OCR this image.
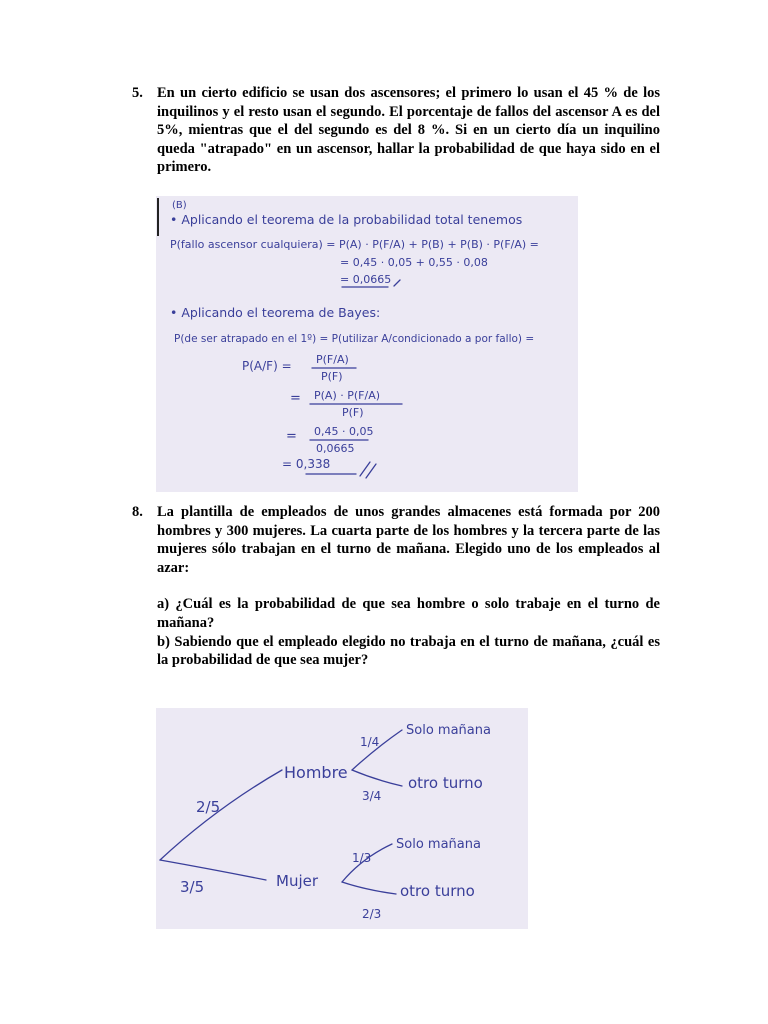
5. En un cierto edificio se usan dos ascensores; el primero lo usan el 45 % de los inquilinos y el resto usan el segundo. El porcentaje de fallos del ascensor A es del 5%, mientras que el del segundo es del 8 %. Si en un cierto día un inquilino queda "atrapado" en un ascensor, hallar la probabilidad de que haya sido en el primero.
(B)
• Aplicando el teorema de la probabilidad total tenemos
P(fallo ascensor cualquiera) = P(A) · P(F/A) + P(B) + P(B) · P(F/A) =
= 0,45 · 0,05 + 0,55 · 0,08
= 0,0665
• Aplicando el teorema de Bayes:
P(de ser atrapado en el 1º) = P(utilizar A/condicionado a por fallo) =
P(A/F) = P(F/A)
P(F)
= P(A) · P(F/A)
P(F)
= 0,45 · 0,05
0,0665
= 0,338
8. La plantilla de empleados de unos grandes almacenes está formada por 200 hombres y 300 mujeres. La cuarta parte de los hombres y la tercera parte de las mujeres sólo trabajan en el turno de mañana. Elegido uno de los empleados al azar:

a) ¿Cuál es la probabilidad de que sea hombre o solo trabaje en el turno de mañana?

b) Sabiendo que el empleado elegido no trabaja en el turno de mañana, ¿cuál es la probabilidad de que sea mujer?

2/5
Hombre
1/4
Solo mañana
3/4
otro turno
3/5	Mujer
1/3
Solo mañana
2/3
otro turno
